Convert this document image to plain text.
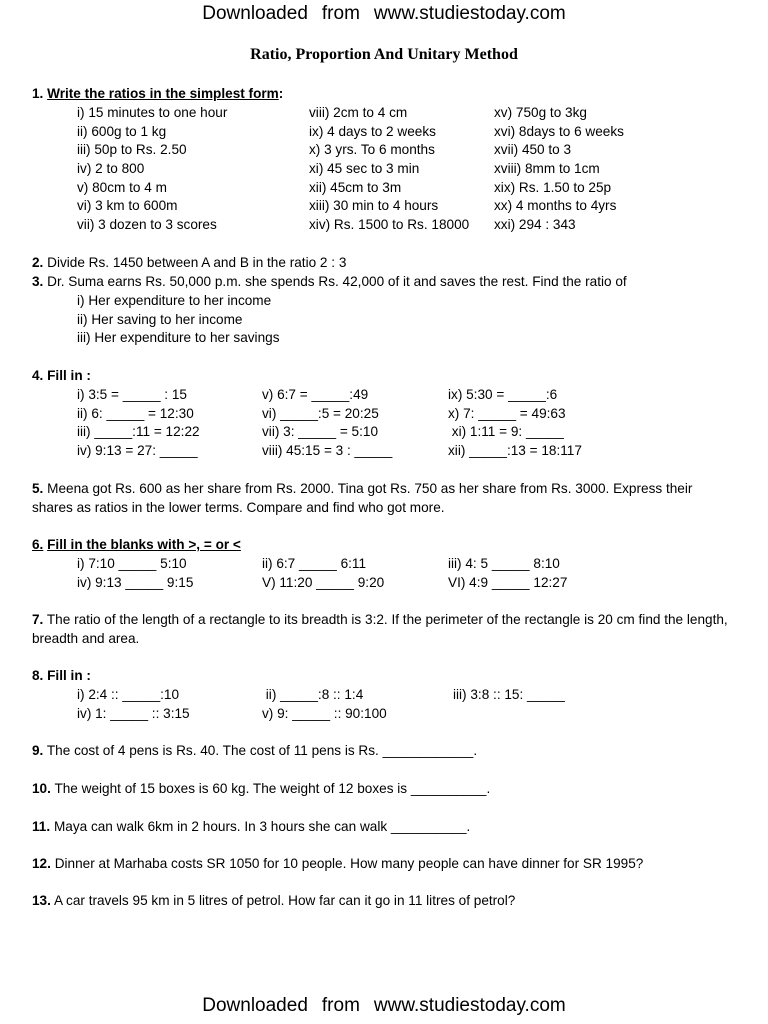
Downloaded from www.studiestoday.com
Ratio, Proportion And Unitary Method
1. Write the ratios in the simplest form:
i) 15 minutes to one hour
ii) 600g to 1 kg
iii) 50p to Rs. 2.50
iv) 2 to 800
v) 80cm to 4 m
vi) 3 km to 600m
vii) 3 dozen to 3 scores
viii) 2cm to 4 cm
ix) 4 days to 2 weeks
x) 3 yrs. To 6 months
xi) 45 sec to 3 min
xii) 45cm to 3m
xiii) 30 min to 4 hours
xiv) Rs. 1500 to Rs. 18000
xv) 750g to 3kg
xvi) 8days to 6 weeks
xvii) 450 to 3
xviii) 8mm to 1cm
xix) Rs. 1.50 to 25p
xx) 4 months to 4yrs
xxi) 294 : 343
2. Divide Rs. 1450 between A and B in the ratio 2 : 3
3. Dr. Suma earns Rs. 50,000 p.m. she spends Rs. 42,000 of it and saves the rest. Find the ratio of
i) Her expenditure to her income
ii) Her saving to her income
iii) Her expenditure to her savings
4. Fill in :
i) 3:5 = _____ : 15
ii) 6: _____ = 12:30
iii) _____:11 = 12:22
iv) 9:13 = 27: _____
v) 6:7 = _____:49
vi) _____:5 = 20:25
vii) 3: _____ = 5:10
viii) 45:15 = 3 : _____
ix) 5:30 = _____:6
x) 7: _____ = 49:63
xi) 1:11 = 9: _____
xii) _____:13 = 18:117
5. Meena got Rs. 600 as her share from Rs. 2000. Tina got Rs. 750 as her share from Rs. 3000. Express their shares as ratios in the lower terms. Compare and find who got more.
6. Fill in the blanks with >, = or <
i) 7:10 _____ 5:10
iv) 9:13 _____ 9:15
ii) 6:7 _____ 6:11
V) 11:20 _____ 9:20
iii) 4: 5 _____ 8:10
VI) 4:9 _____ 12:27
7. The ratio of the length of a rectangle to its breadth is 3:2. If the perimeter of the rectangle is 20 cm find the length, breadth and area.
8. Fill in :
i) 2:4 :: _____:10
iv) 1: _____ :: 3:15
ii) _____:8 :: 1:4
v) 9: _____ :: 90:100
iii) 3:8 :: 15: _____
9. The cost of 4 pens is Rs. 40. The cost of 11 pens is Rs. ____________.
10. The weight of 15 boxes is 60 kg. The weight of 12 boxes is __________.
11. Maya can walk 6km in 2 hours. In 3 hours she can walk __________.
12. Dinner at Marhaba costs SR 1050 for 10 people. How many people can have dinner for SR 1995?
13. A car travels 95 km in 5 litres of petrol. How far can it go in 11 litres of petrol?
Downloaded from www.studiestoday.com
